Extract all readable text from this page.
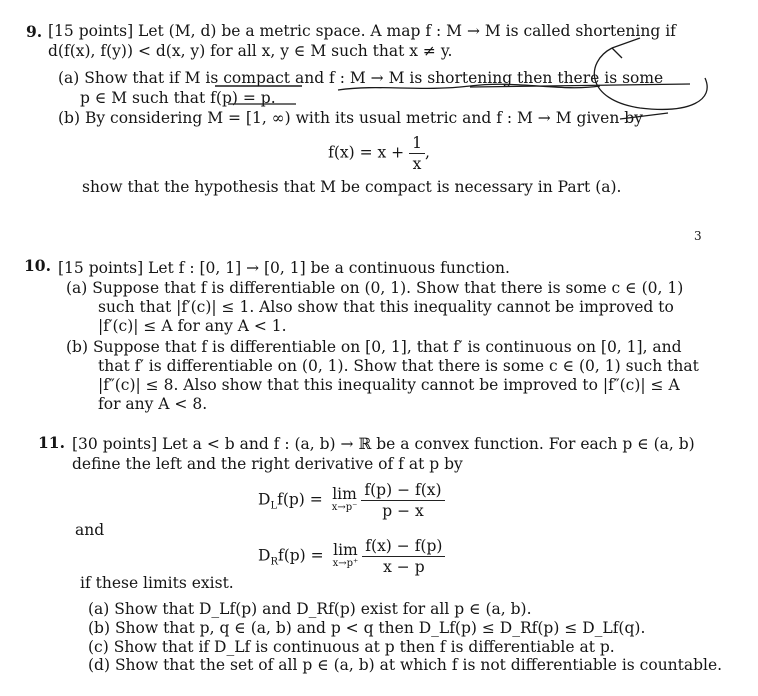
9. [15 points] Let (M, d) be a metric space. A map f : M → M is called shortening if
d(f(x), f(y)) < d(x, y) for all x, y ∈ M such that x ≠ y.
(a) Show that if M is compact and f : M → M is shortening then there is some
p ∈ M such that f(p) = p.
(b) By considering M = [1, ∞) with its usual metric and f : M → M given by
$f(x) = x + \frac{1}{x}$ ,
show that the hypothesis that M be compact is necessary in Part (a).
3
10. [15 points] Let f : [0, 1] → [0, 1] be a continuous function.
(a) Suppose that f is differentiable on (0, 1). Show that there is some c ∈ (0, 1)
such that |f′(c)| ≤ 1. Also show that this inequality cannot be improved to
|f′(c)| ≤ A for any A < 1.
(b) Suppose that f is differentiable on [0, 1], that f′ is continuous on [0, 1], and
that f′ is differentiable on (0, 1). Show that there is some c ∈ (0, 1) such that
|f″(c)| ≤ 8. Also show that this inequality cannot be improved to |f″(c)| ≤ A
for any A < 8.
11. [30 points] Let a < b and f : (a, b) → ℝ be a convex function. For each p ∈ (a, b)
define the left and the right derivative of f at p by
$D_Lf(p) = \lim$
$x\to p^- \frac{f(p) - f(x)}{p - x}$
and
$D_Rf(p) = \lim$
$x\to p^+ \frac{f(x) - f(p)}{x - p}$
if these limits exist.
(a) Show that D_Lf(p) and D_Rf(p) exist for all p ∈ (a, b).
(b) Show that p, q ∈ (a, b) and p < q then D_Lf(p) ≤ D_Rf(p) ≤ D_Lf(q).
(c) Show that if D_Lf is continuous at p then f is differentiable at p.
(d) Show that the set of all p ∈ (a, b) at which f is not differentiable is countable.
